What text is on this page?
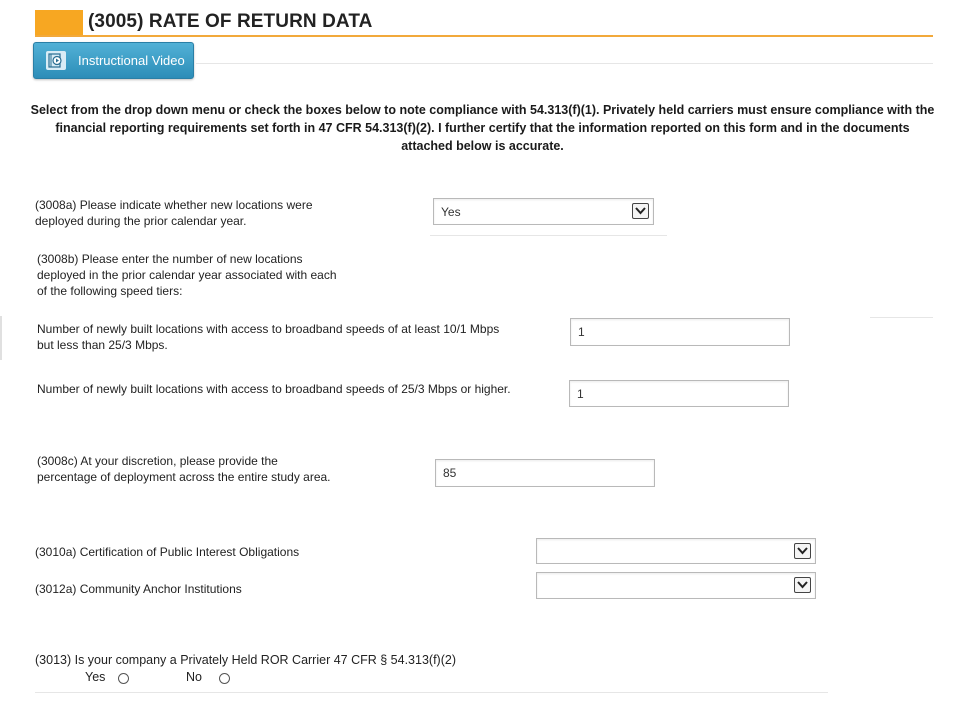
(3005) RATE OF RETURN DATA
Instructional Video
Select from the drop down menu or check the boxes below to note compliance with 54.313(f)(1). Privately held carriers must ensure compliance with the financial reporting requirements set forth in 47 CFR 54.313(f)(2). I further certify that the information reported on this form and in the documents attached below is accurate.
(3008a) Please indicate whether new locations were deployed during the prior calendar year.
Yes
(3008b) Please enter the number of new locations deployed in the prior calendar year associated with each of the following speed tiers:
Number of newly built locations with access to broadband speeds of at least 10/1 Mbps but less than 25/3 Mbps.
1
Number of newly built locations with access to broadband speeds of 25/3 Mbps or higher.
1
(3008c) At your discretion, please provide the percentage of deployment across the entire study area.
85
(3010a) Certification of Public Interest Obligations
(3012a) Community Anchor Institutions
(3013) Is your company a Privately Held ROR Carrier 47 CFR § 54.313(f)(2)
Yes	No
